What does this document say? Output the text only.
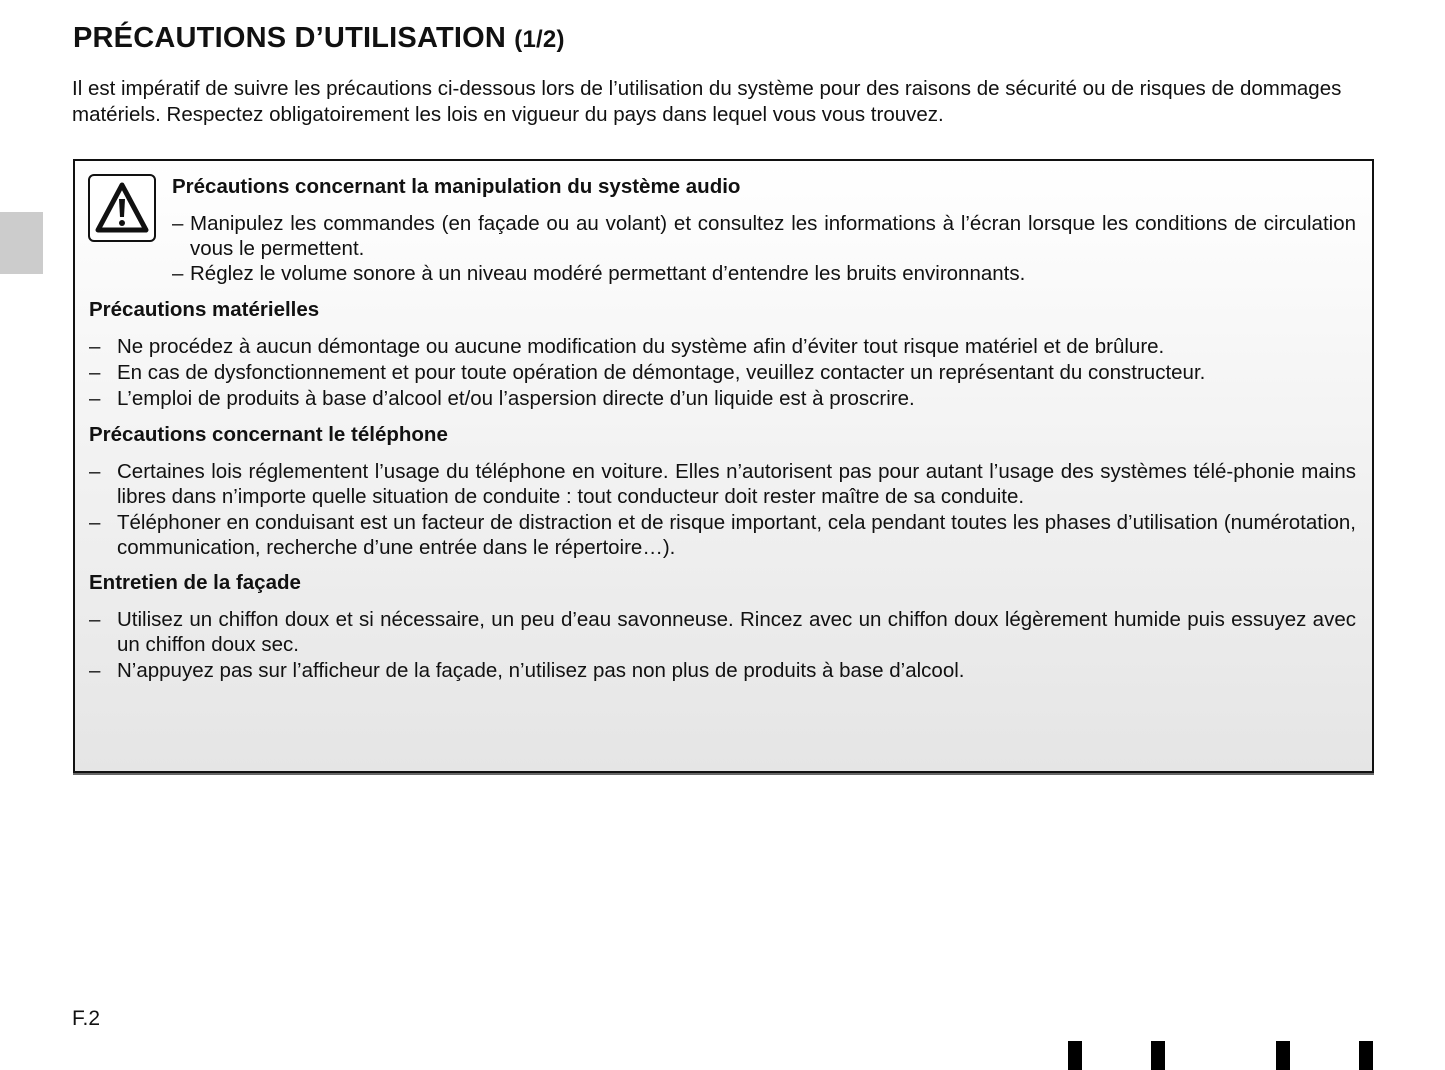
PRÉCAUTIONS D’UTILISATION (1/2)
Il est impératif de suivre les précautions ci-dessous lors de l’utilisation du système pour des raisons de sécurité ou de risques de dommages matériels. Respectez obligatoirement les lois en vigueur du pays dans lequel vous vous trouvez.
Précautions concernant la manipulation du système audio
– Manipulez les commandes (en façade ou au volant) et consultez les informations à l’écran lorsque les conditions de circulation vous le permettent.
– Réglez le volume sonore à un niveau modéré permettant d’entendre les bruits environnants.
Précautions matérielles
– Ne procédez à aucun démontage ou aucune modification du système afin d’éviter tout risque matériel et de brûlure.
– En cas de dysfonctionnement et pour toute opération de démontage, veuillez contacter un représentant du constructeur.
– L’emploi de produits à base d’alcool et/ou l’aspersion directe d’un liquide est à proscrire.
Précautions concernant le téléphone
– Certaines lois réglementent l’usage du téléphone en voiture. Elles n’autorisent pas pour autant l’usage des systèmes télé-phonie mains libres dans n’importe quelle situation de conduite : tout conducteur doit rester maître de sa conduite.
– Téléphoner en conduisant est un facteur de distraction et de risque important, cela pendant toutes les phases d’utilisation (numérotation, communication, recherche d’une entrée dans le répertoire…).
Entretien de la façade
– Utilisez un chiffon doux et si nécessaire, un peu d’eau savonneuse. Rincez avec un chiffon doux légèrement humide puis essuyez avec un chiffon doux sec.
– N’appuyez pas sur l’afficheur de la façade, n’utilisez pas non plus de produits à base d’alcool.
F.2
